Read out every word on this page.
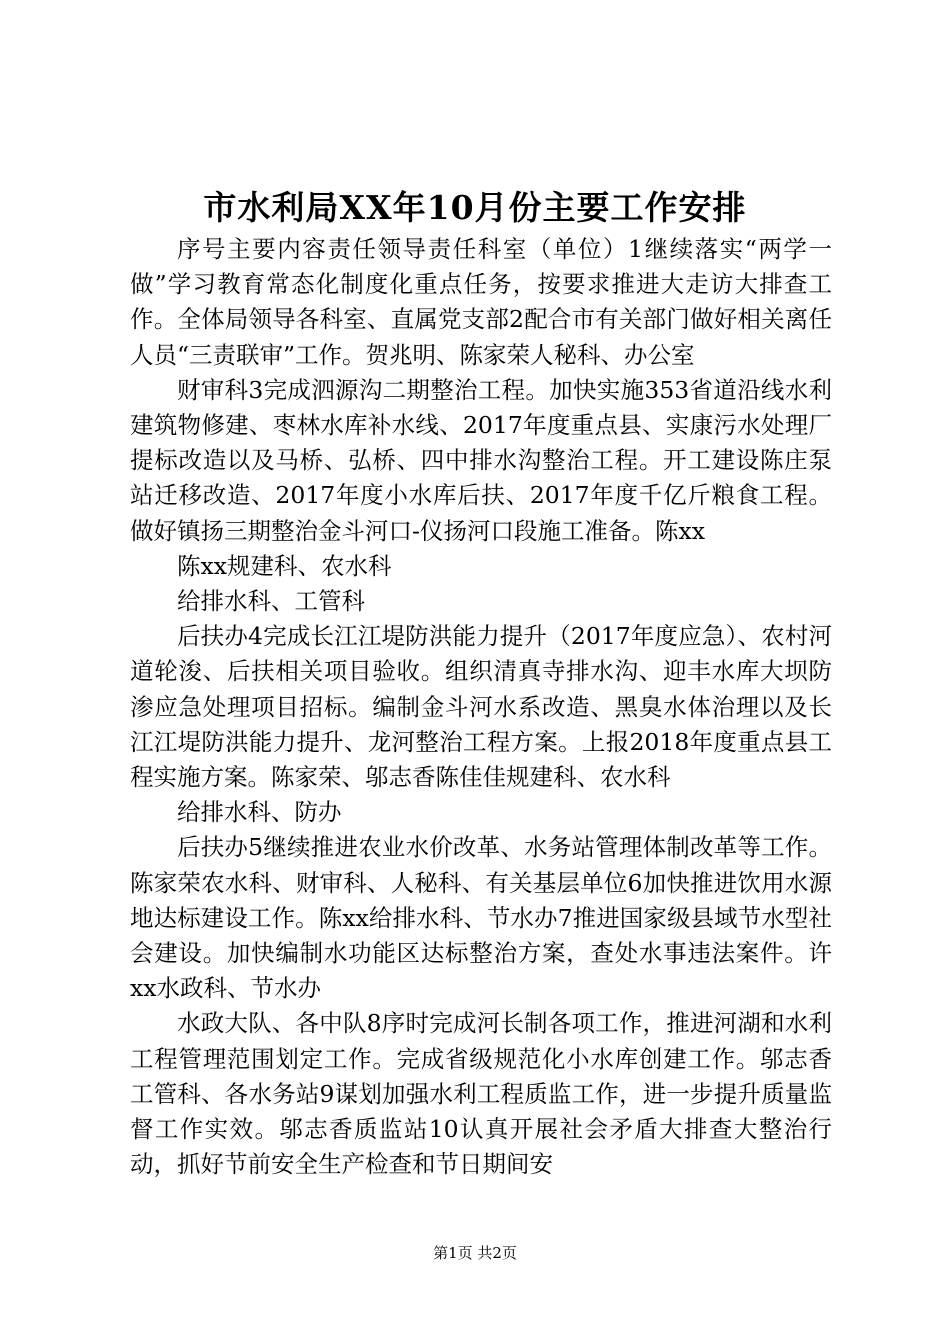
市水利局XX年10月份主要工作安排

序号主要内容责任领导责任科室（单位）1继续落实“两学一做”学习教育常态化制度化重点任务，按要求推进大走访大排查工作。全体局领导各科室、直属党支部2配合市有关部门做好相关离任人员“三责联审”工作。贺兆明、陈家荣人秘科、办公室

财审科3完成泗源沟二期整治工程。加快实施353省道沿线水利建筑物修建、枣林水库补水线、2017年度重点县、实康污水处理厂提标改造以及马桥、弘桥、四中排水沟整治工程。开工建设陈庄泵站迁移改造、2017年度小水库后扶、2017年度千亿斤粮食工程。做好镇扬三期整治金斗河口-仪扬河口段施工准备。陈xx

陈xx规建科、农水科

给排水科、工管科

后扶办4完成长江江堤防洪能力提升（2017年度应急）、农村河道轮浚、后扶相关项目验收。组织清真寺排水沟、迎丰水库大坝防渗应急处理项目招标。编制金斗河水系改造、黑臭水体治理以及长江江堤防洪能力提升、龙河整治工程方案。上报2018年度重点县工程实施方案。陈家荣、邬志香陈佳佳规建科、农水科

给排水科、防办

后扶办5继续推进农业水价改革、水务站管理体制改革等工作。陈家荣农水科、财审科、人秘科、有关基层单位6加快推进饮用水源地达标建设工作。陈xx给排水科、节水办7推进国家级县域节水型社会建设。加快编制水功能区达标整治方案，查处水事违法案件。许xx水政科、节水办

水政大队、各中队8序时完成河长制各项工作，推进河湖和水利工程管理范围划定工作。完成省级规范化小水库创建工作。邬志香工管科、各水务站9谋划加强水利工程质监工作，进一步提升质量监督工作实效。邬志香质监站10认真开展社会矛盾大排查大整治行动，抓好节前安全生产检查和节日期间安

第1页 共2页
